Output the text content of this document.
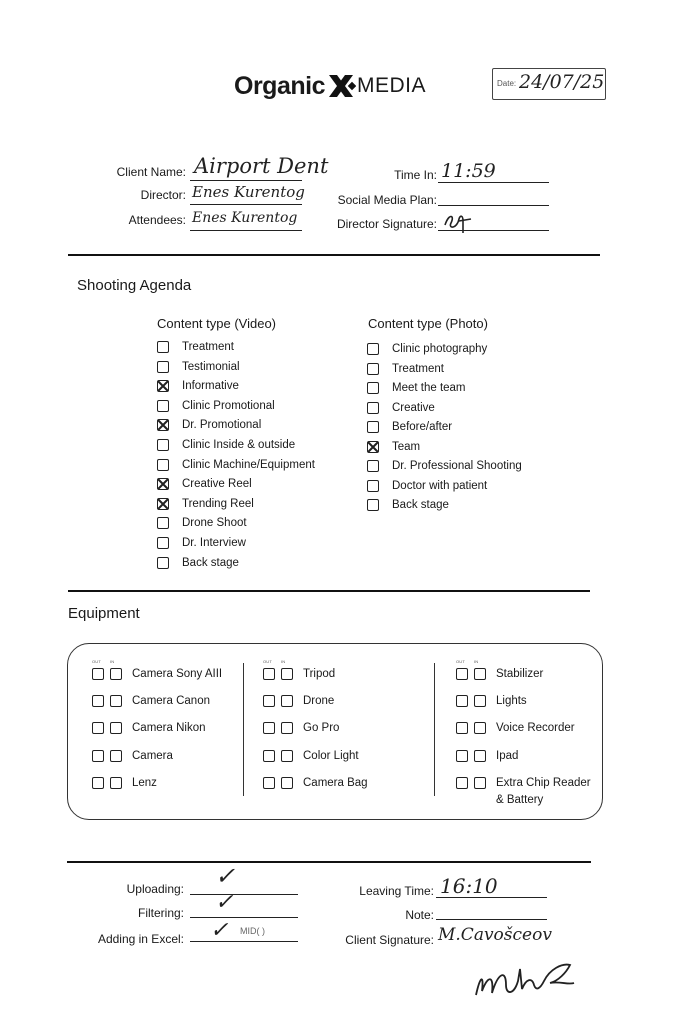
Organic MEDIA	Date: 24/07/25
Client Name: Airport Dent
Director: Enes Kurentog
Attendees: Enes Kurentog
Time In: 11:59
Social Media Plan:
Director Signature:
Shooting Agenda
Content type (Video)	Content type (Photo)
Treatment
Testimonial
Informative
Clinic Promotional
Dr. Promotional
Clinic Inside & outside
Clinic Machine/Equipment
Creative Reel
Trending Reel
Drone Shoot
Dr. Interview
Back stage
Clinic photography
Treatment
Meet the team
Creative
Before/after
Team
Dr. Professional Shooting
Doctor with patient
Back stage
Equipment
OUT IN
Camera Sony AIII
Camera Canon
Camera Nikon
Camera
Lenz
OUT IN
Tripod
Drone
Go Pro
Color Light
Camera Bag
OUT IN
Stabilizer
Lights
Voice Recorder
Ipad
Extra Chip Reader
& Battery
Uploading: ✓
Filtering: ✓
Adding in Excel: ✓ MID( )
Leaving Time: 16:10
Note:
Client Signature: M.Cavošceov
